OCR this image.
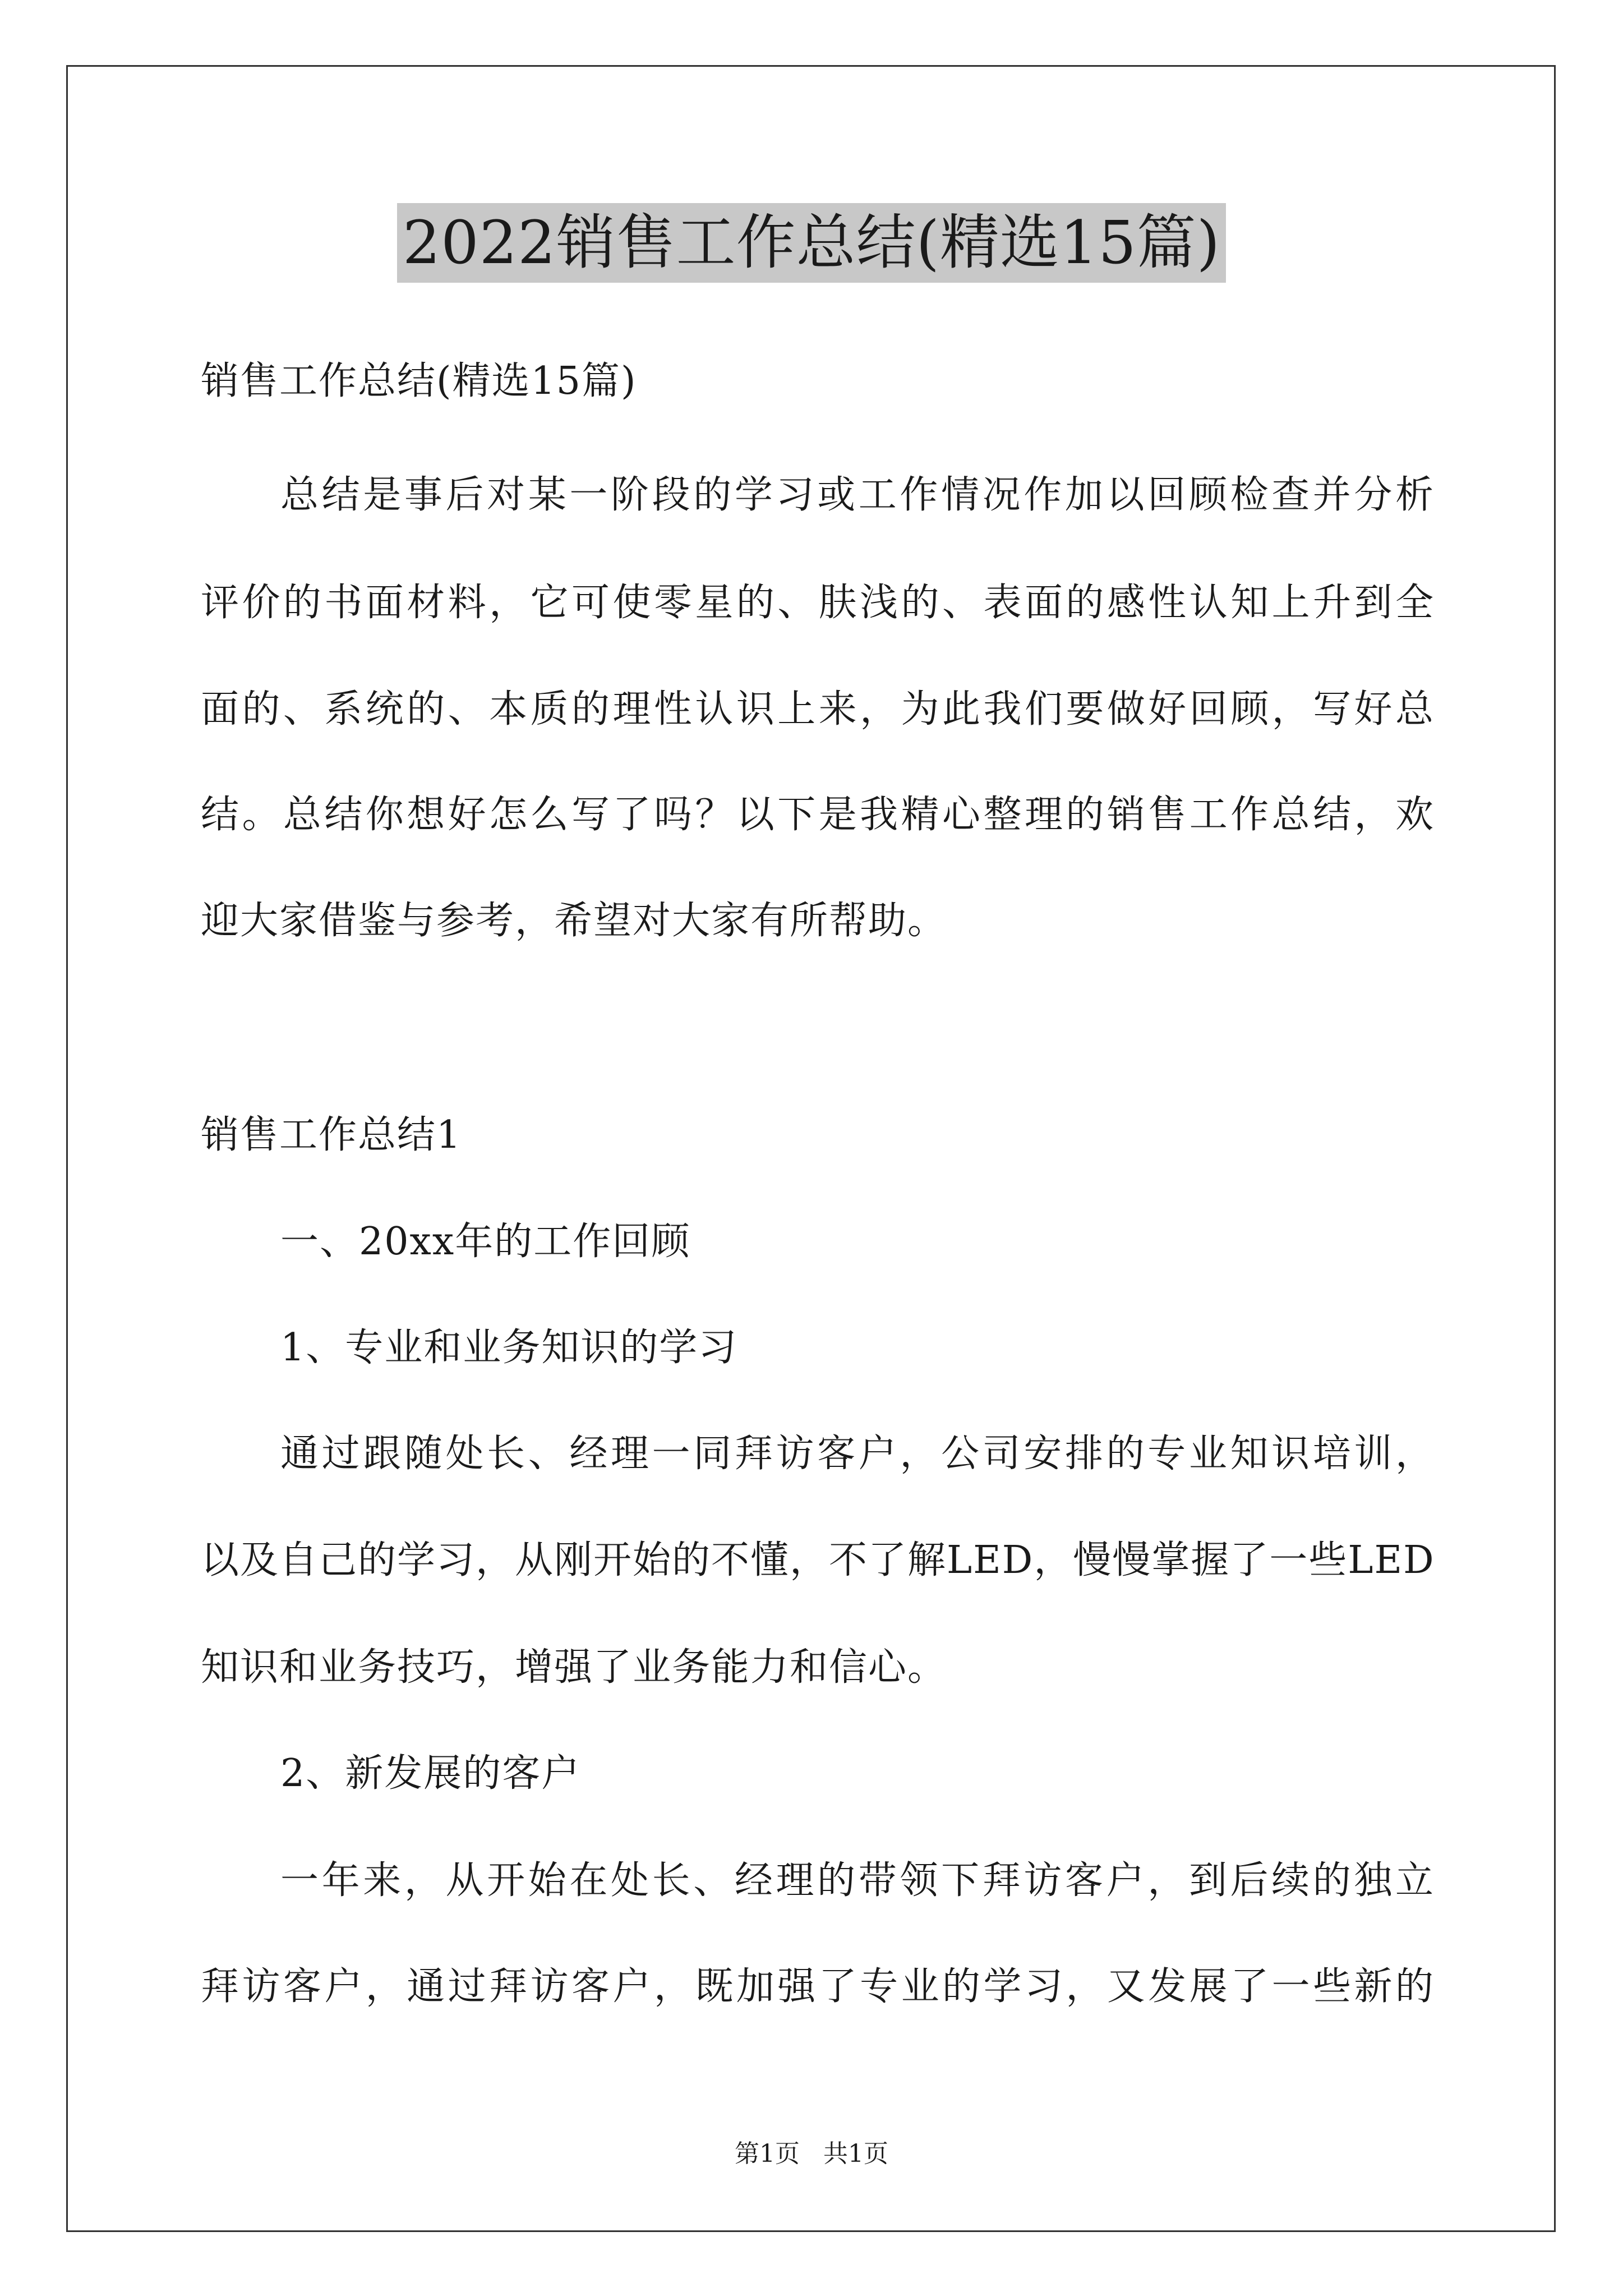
2022销售工作总结(精选15篇)
销售工作总结(精选15篇)
总结是事后对某一阶段的学习或工作情况作加以回顾检查并分析
评价的书面材料，它可使零星的、肤浅的、表面的感性认知上升到全
面的、系统的、本质的理性认识上来，为此我们要做好回顾，写好总
结。总结你想好怎么写了吗？以下是我精心整理的销售工作总结，欢
迎大家借鉴与参考，希望对大家有所帮助。
销售工作总结1
一、20xx年的工作回顾
1、专业和业务知识的学习
通过跟随处长、经理一同拜访客户，公司安排的专业知识培训，
以及自己的学习，从刚开始的不懂，不了解LED，慢慢掌握了一些LED
知识和业务技巧，增强了业务能力和信心。
2、新发展的客户
一年来，从开始在处长、经理的带领下拜访客户，到后续的独立
拜访客户，通过拜访客户，既加强了专业的学习，又发展了一些新的
第1页 共1页
